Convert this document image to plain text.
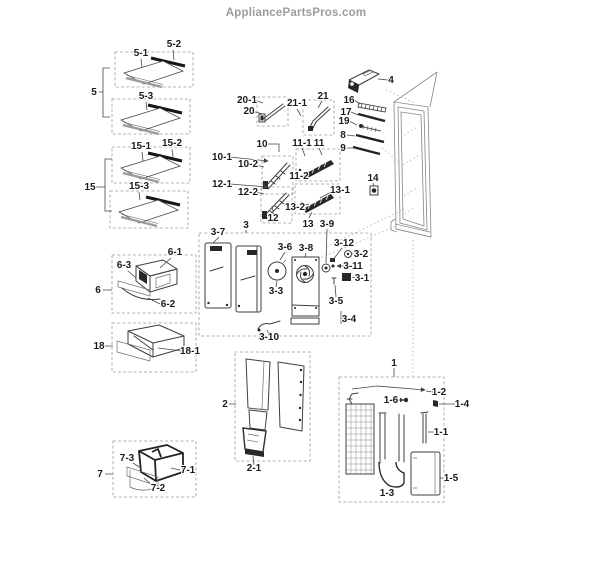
AppliancePartsPros.com
5-2
5-1
5	5-3
15-1 15-2
15	15-3
6-1
6-3
6
6-2
18	18-1
7-3
7-1
7
7-2
20-1
20
21-1
21
10
10-1
10-2
12-1
12-2
12
11-1 11
11-2
13-1
13-2
13
16
17
19
8
9
4
14
3
3-7
3-6 3-8
3-9
3-12
3-2
3-11
3-1
3-3
3-5
3-4
3-10
2
2-1
1
1-2
1-6	1-4
1-1
1-5
1-3
